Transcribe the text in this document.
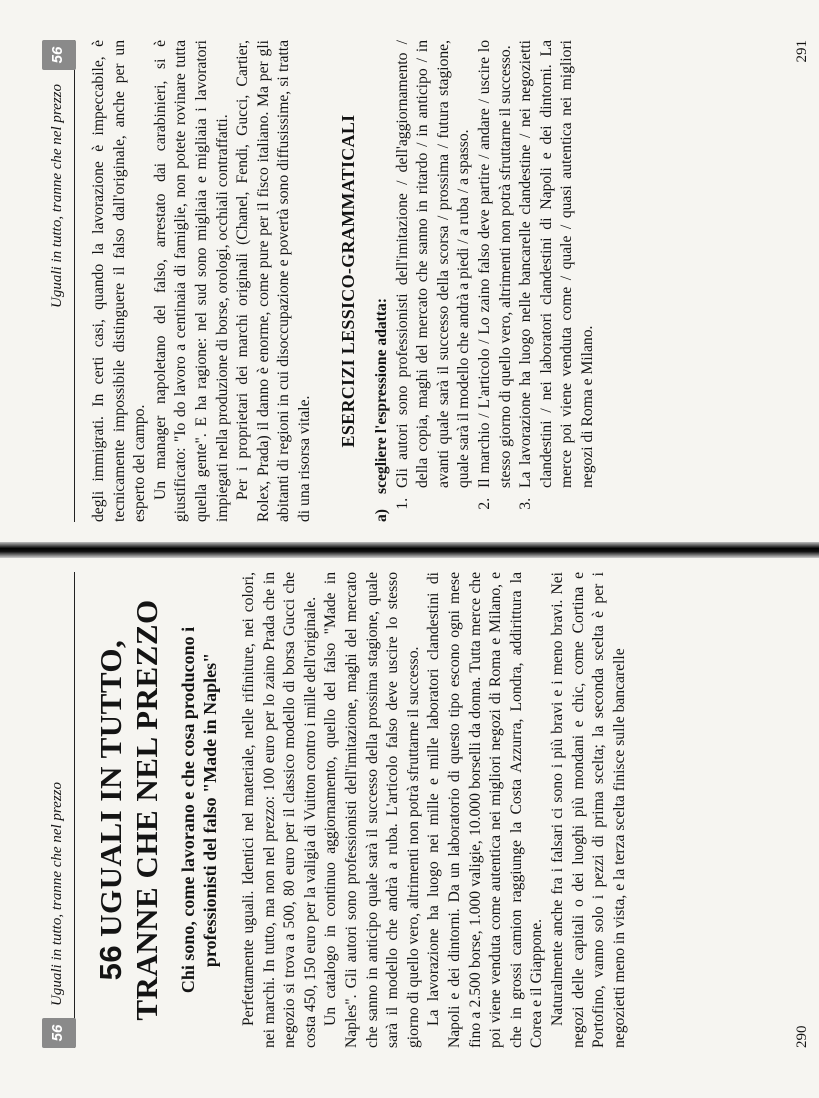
56
Uguali in tutto, tranne che nel prezzo 56UGUALI IN TUTTO, TRANNE CHE NEL PREZZO Chi sono, come lavorano e che cosa producono i professionisti del falso "Made in Naples" Perfettamente uguali. Identici nel materiale, nelle rifiniture, nei colori, nei marchi. In tutto, ma non nel prezzo: 100 euro per lo zaino Prada che in negozio si trova a 500, 80 euro per il classico modello di borsa Gucci che costa 450, 150 euro per la valigia di Vuitton contro i mille dell'originale. Un catalogo in continuo aggiornamento, quello del falso "Made in Naples". Gli autori sono professionisti dell'imitazione, maghi del mercato che sanno in anticipo quale sarà il successo della prossima stagione, quale sarà il modello che andrà a ruba. L'articolo falso deve uscire lo stesso giorno di quello vero, altrimenti non potrà sfruttarne il successo. La lavorazione ha luogo nei mille e mille laboratori clandestini di Napoli e dei dintorni. Da un laboratorio di questo tipo escono ogni mese fino a 2.500 borse, 1.000 valigie, 10.000 borselli da donna. Tutta merce che poi viene venduta come autentica nei migliori negozi di Roma e Milano, e che in grossi camion raggiunge la Costa Azzurra, Londra, addirittura la Corea e il Giappone. Naturalmente anche fra i falsari ci sono i più bravi e i meno bravi. Nei negozi delle capitali o dei luoghi più mondani e chic, come Cortina e Portofino, vanno solo i pezzi di prima scelta; la seconda scelta è per i negozietti meno in vista, e la terza scelta finisce sulle bancarelle	290
Uguali in tutto, tranne che nel prezzo
56	degli immigrati. In certi casi, quando la lavorazione è impeccabile, è tecnicamente impossibile distinguere il falso dall'originale, anche per un esperto del campo. Un manager napoletano del falso, arrestato dai carabinieri, si è giustificato: "Io do lavoro a centinaia di famiglie, non potete rovinare tutta quella gente". E ha ragione: nel sud sono migliaia e migliaia i lavoratori impiegati nella produzione di borse, orologi, occhiali contraffatti. Per i proprietari dei marchi originali (Chanel, Fendi, Gucci, Cartier, Rolex, Prada) il danno è enorme, come pure per il fisco italiano. Ma per gli abitanti di regioni in cui disoccupazione e povertà sono diffusissime, si tratta di una risorsa vitale.

ESERCIZI LESSICO-GRAMMATICALI
a)scegliere l'espressione adatta: 1. Gli autori sono professionisti dell'imitazione / dell'aggiornamento / della copia, maghi del mercato che sanno in ritardo / in anticipo / in avanti quale sarà il successo della scorsa / prossima / futura stagione, quale sarà il modello che andrà a piedi / a ruba / a spasso. 2. Il marchio / L'articolo / Lo zaino falso deve partire / andare / uscire lo stesso giorno di quello vero, altrimenti non potrà sfruttarne il successo. 3. La lavorazione ha luogo nelle bancarelle clandestine / nei negozietti clandestini / nei laboratori clandestini di Napoli e dei dintorni. La merce poi viene venduta come / quale / quasi autentica nei migliori negozi di Roma e Milano.
291
